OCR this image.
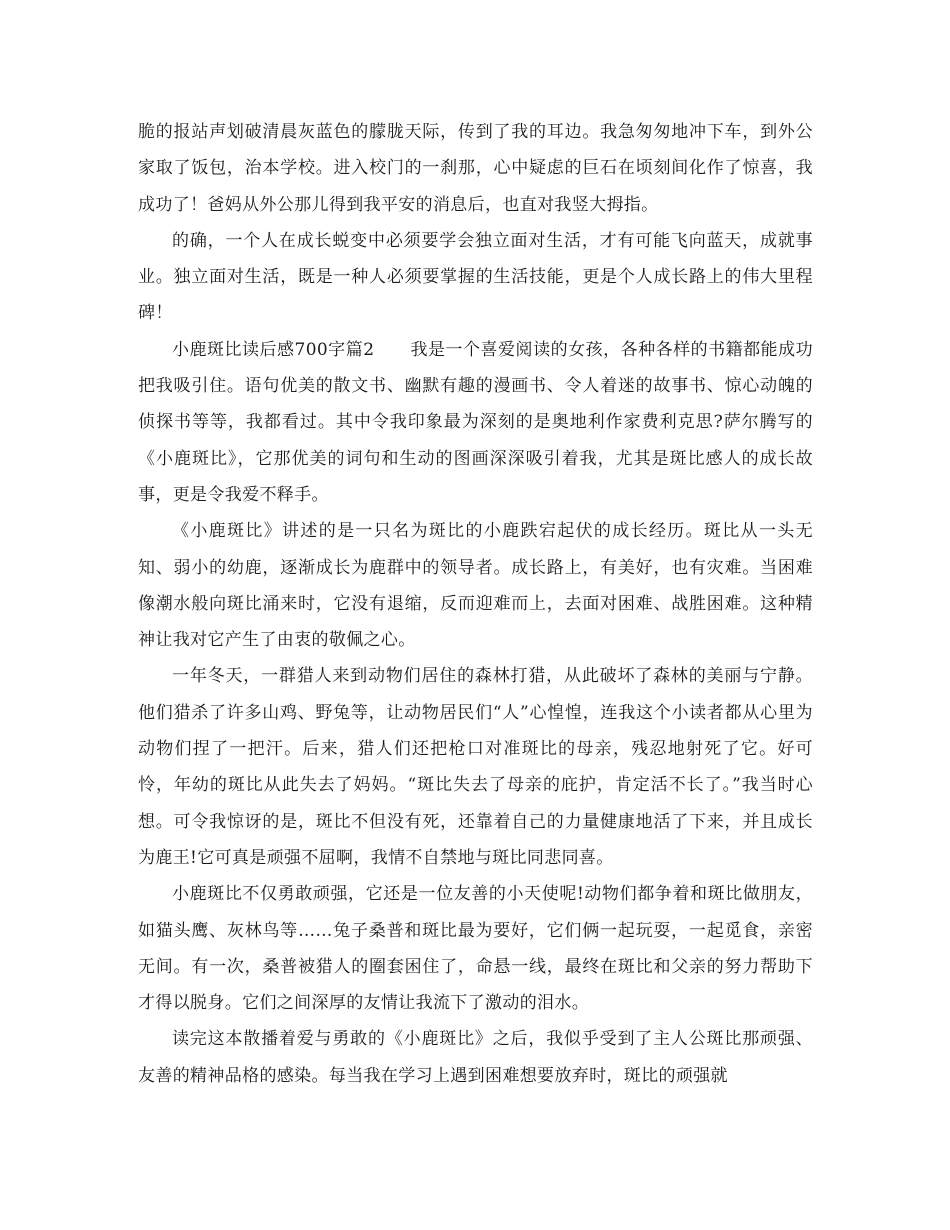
脆的报站声划破清晨灰蓝色的朦胧天际，传到了我的耳边。我急匆匆地冲下车，到外公家取了饭包，治本学校。进入校门的一刹那，心中疑虑的巨石在顷刻间化作了惊喜，我成功了！爸妈从外公那儿得到我平安的消息后，也直对我竖大拇指。

的确，一个人在成长蜕变中必须要学会独立面对生活，才有可能飞向蓝天，成就事业。独立面对生活，既是一种人必须要掌握的生活技能，更是个人成长路上的伟大里程碑！

小鹿斑比读后感700字篇2 我是一个喜爱阅读的女孩，各种各样的书籍都能成功把我吸引住。语句优美的散文书、幽默有趣的漫画书、令人着迷的故事书、惊心动魄的侦探书等等，我都看过。其中令我印象最为深刻的是奥地利作家费利克思?萨尔腾写的《小鹿斑比》，它那优美的词句和生动的图画深深吸引着我，尤其是斑比感人的成长故事，更是令我爱不释手。

《小鹿斑比》讲述的是一只名为斑比的小鹿跌宕起伏的成长经历。斑比从一头无知、弱小的幼鹿，逐渐成长为鹿群中的领导者。成长路上，有美好，也有灾难。当困难像潮水般向斑比涌来时，它没有退缩，反而迎难而上，去面对困难、战胜困难。这种精神让我对它产生了由衷的敬佩之心。

一年冬天，一群猎人来到动物们居住的森林打猎，从此破坏了森林的美丽与宁静。他们猎杀了许多山鸡、野兔等，让动物居民们“人”心惶惶，连我这个小读者都从心里为动物们捏了一把汗。后来，猎人们还把枪口对准斑比的母亲，残忍地射死了它。好可怜，年幼的斑比从此失去了妈妈。“斑比失去了母亲的庇护，肯定活不长了。”我当时心想。可令我惊讶的是，斑比不但没有死，还靠着自己的力量健康地活了下来，并且成长为鹿王!它可真是顽强不屈啊，我情不自禁地与斑比同悲同喜。

小鹿斑比不仅勇敢顽强，它还是一位友善的小天使呢!动物们都争着和斑比做朋友，如猫头鹰、灰林鸟等……兔子桑普和斑比最为要好，它们俩一起玩耍，一起觅食，亲密无间。有一次，桑普被猎人的圈套困住了，命悬一线，最终在斑比和父亲的努力帮助下才得以脱身。它们之间深厚的友情让我流下了激动的泪水。

读完这本散播着爱与勇敢的《小鹿斑比》之后，我似乎受到了主人公斑比那顽强、友善的精神品格的感染。每当我在学习上遇到困难想要放弃时，斑比的顽强就
